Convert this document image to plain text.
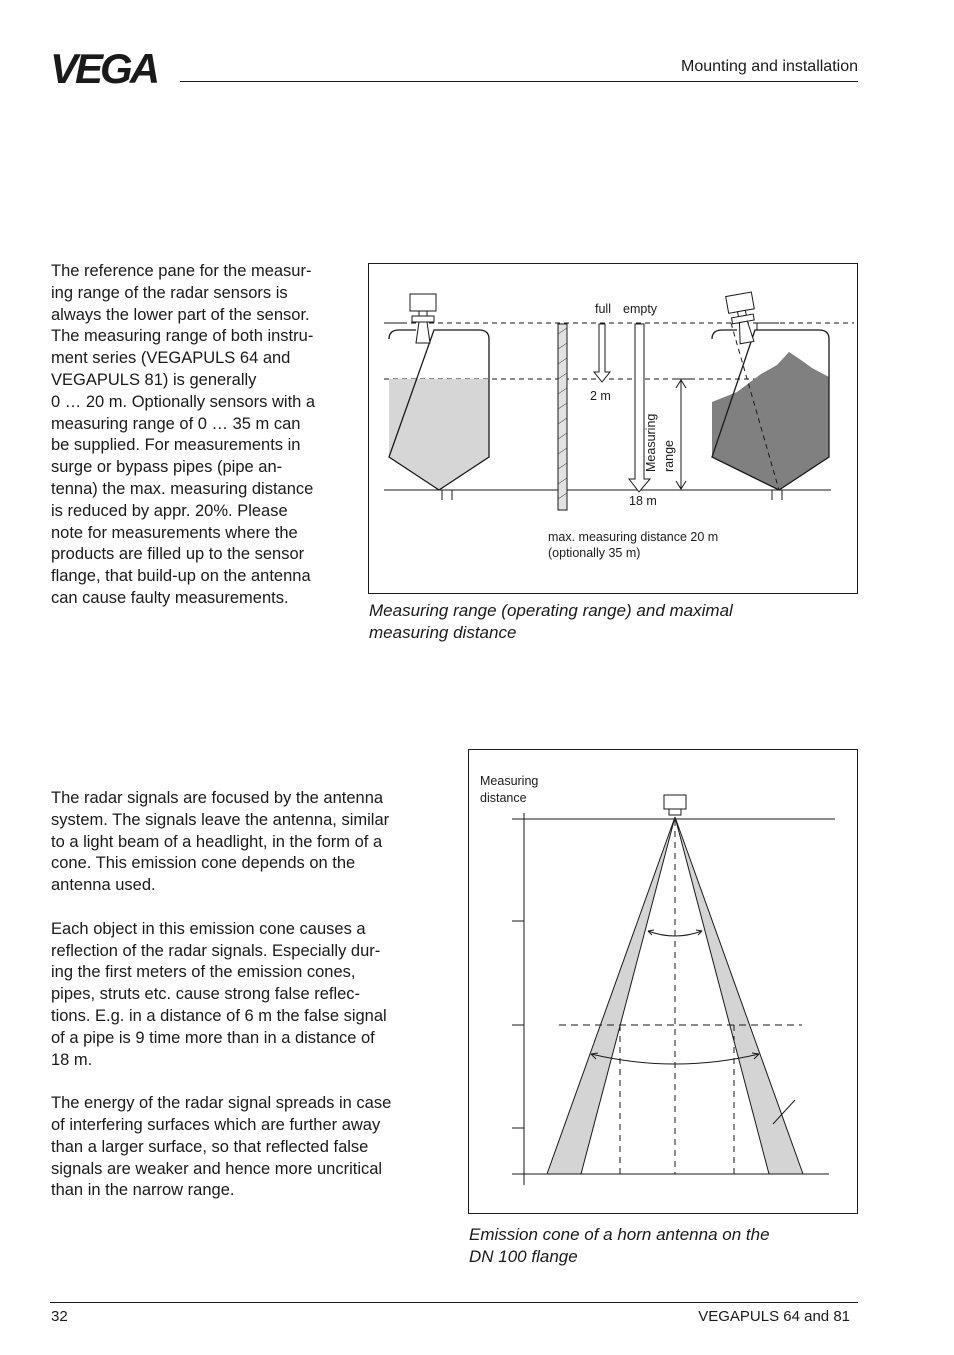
VEGA	Mounting and installation
The reference pane for the measur-
ing range of the radar sensors is
always the lower part of the sensor.
The measuring range of both instru-
ment series (VEGAPULS 64 and
VEGAPULS 81) is generally
0 … 20 m. Optionally sensors with a
measuring range of 0 … 35 m can
be supplied. For measurements in
surge or bypass pipes (pipe an-
tenna) the max. measuring distance
is reduced by appr. 20%. Please
note for measurements where the
products are filled up to the sensor
flange, that build-up on the antenna
can cause faulty measurements.
full empty
2 m
18 m
Measuring range
max. measuring distance 20 m
(optionally 35 m)
Measuring range (operating range) and maximal
measuring distance

The radar signals are focused by the antenna
system. The signals leave the antenna, similar
to a light beam of a headlight, in the form of a
cone. This emission cone depends on the
antenna used.

Each object in this emission cone causes a
reflection of the radar signals. Especially dur-
ing the first meters of the emission cones,
pipes, struts etc. cause strong false reflec-
tions. E.g. in a distance of 6 m the false signal
of a pipe is 9 time more than in a distance of
18 m.

The energy of the radar signal spreads in case
of interfering surfaces which are further away
than a larger surface, so that reflected false
signals are weaker and hence more uncritical
than in the narrow range.

Measuring
distance
Emission cone of a horn antenna on the
DN 100 flange
32	VEGAPULS 64 and 81
